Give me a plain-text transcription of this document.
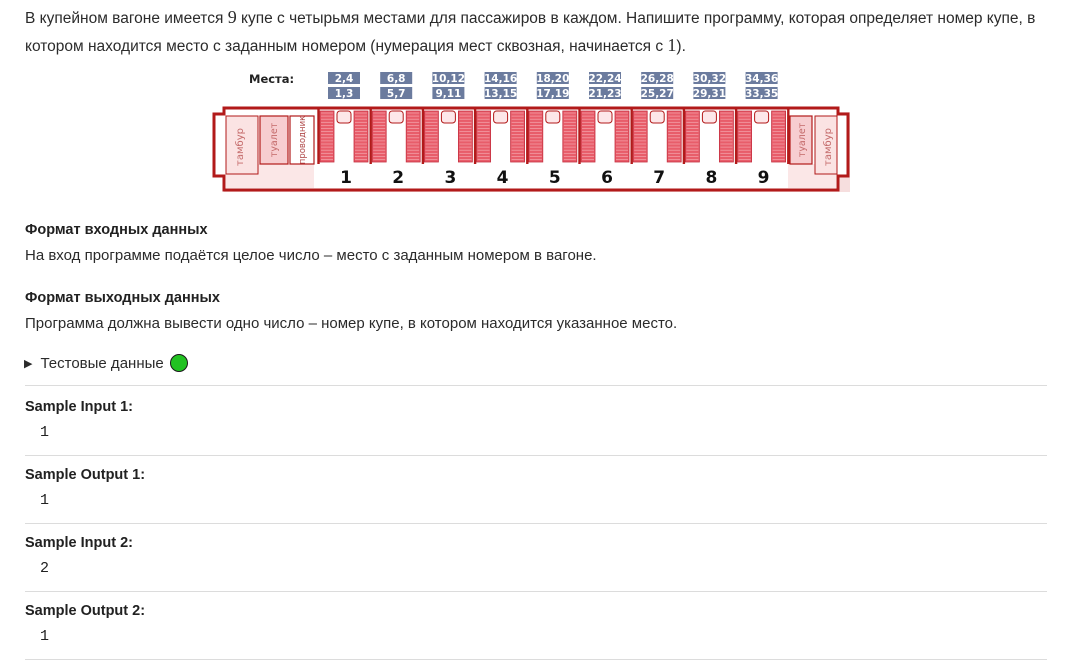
В купейном вагоне имеется 9 купе с четырьмя местами для пассажиров в каждом. Напишите программу, которая определяет номер купе, в котором находится место с заданным номером (нумерация мест сквозная, начинается с 1).
Места:	2,4
1,3
6,8
5,7
10,12
9,11
14,16
13,15
18,20
17,19
22,24
21,23
26,28
25,27
30,32
29,31
34,36
33,35
тамбур туалет проводник	туалет тамбур
1 2 3 4 5 6 7 8 9
Формат входных данных
На вход программе подаётся целое число – место с заданным номером в вагоне.
Формат выходных данных
Программа должна вывести одно число – номер купе, в котором находится указанное место.
▶ Тестовые данные
Sample Input 1:
1
Sample Output 1:
1
Sample Input 2:
2
Sample Output 2:
1
